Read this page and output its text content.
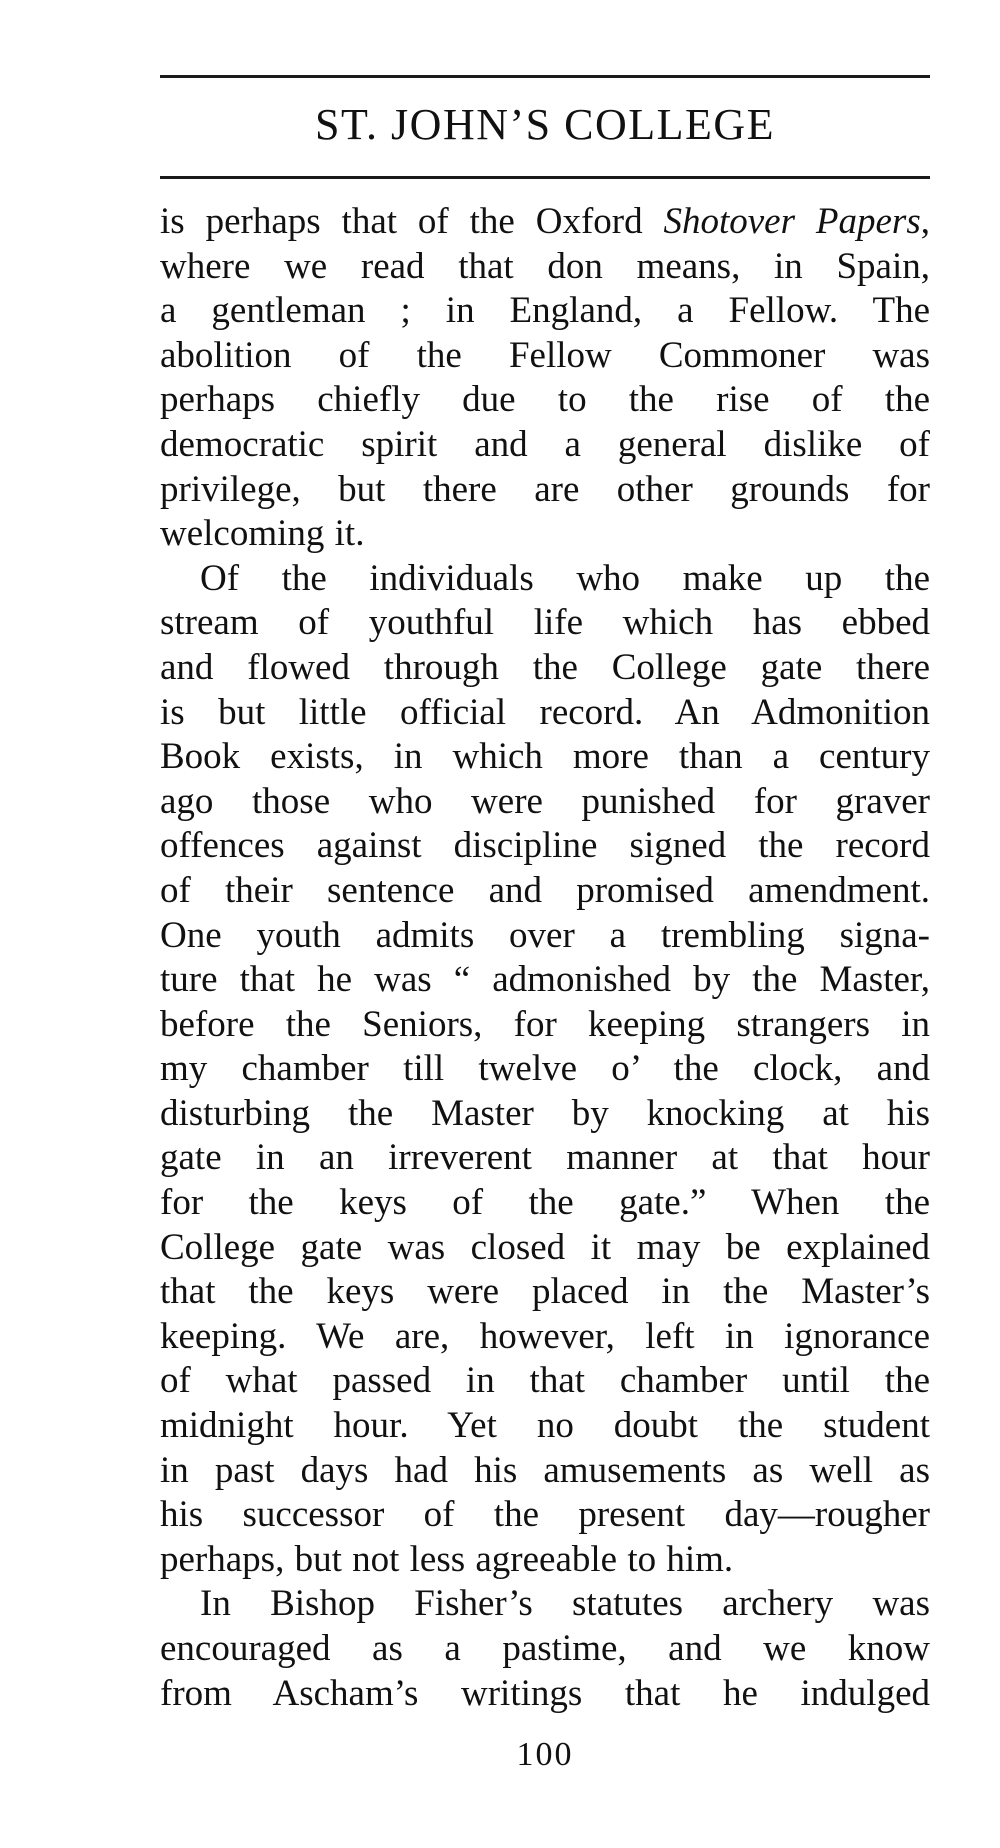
ST. JOHN’S COLLEGE
is perhaps that of the Oxford Shotover Papers,
where we read that don means, in Spain,
a gentleman ; in England, a Fellow. The
abolition of the Fellow Commoner was
perhaps chiefly due to the rise of the
democratic spirit and a general dislike of
privilege, but there are other grounds for
welcoming it.
Of the individuals who make up the
stream of youthful life which has ebbed
and flowed through the College gate there
is but little official record. An Admonition
Book exists, in which more than a century
ago those who were punished for graver
offences against discipline signed the record
of their sentence and promised amendment.
One youth admits over a trembling signa-
ture that he was “ admonished by the Master,
before the Seniors, for keeping strangers in
my chamber till twelve o’ the clock, and
disturbing the Master by knocking at his
gate in an irreverent manner at that hour
for the keys of the gate.” When the
College gate was closed it may be explained
that the keys were placed in the Master’s
keeping. We are, however, left in ignorance
of what passed in that chamber until the
midnight hour. Yet no doubt the student
in past days had his amusements as well as
his successor of the present day—rougher
perhaps, but not less agreeable to him.
In Bishop Fisher’s statutes archery was
encouraged as a pastime, and we know
from Ascham’s writings that he indulged
100
